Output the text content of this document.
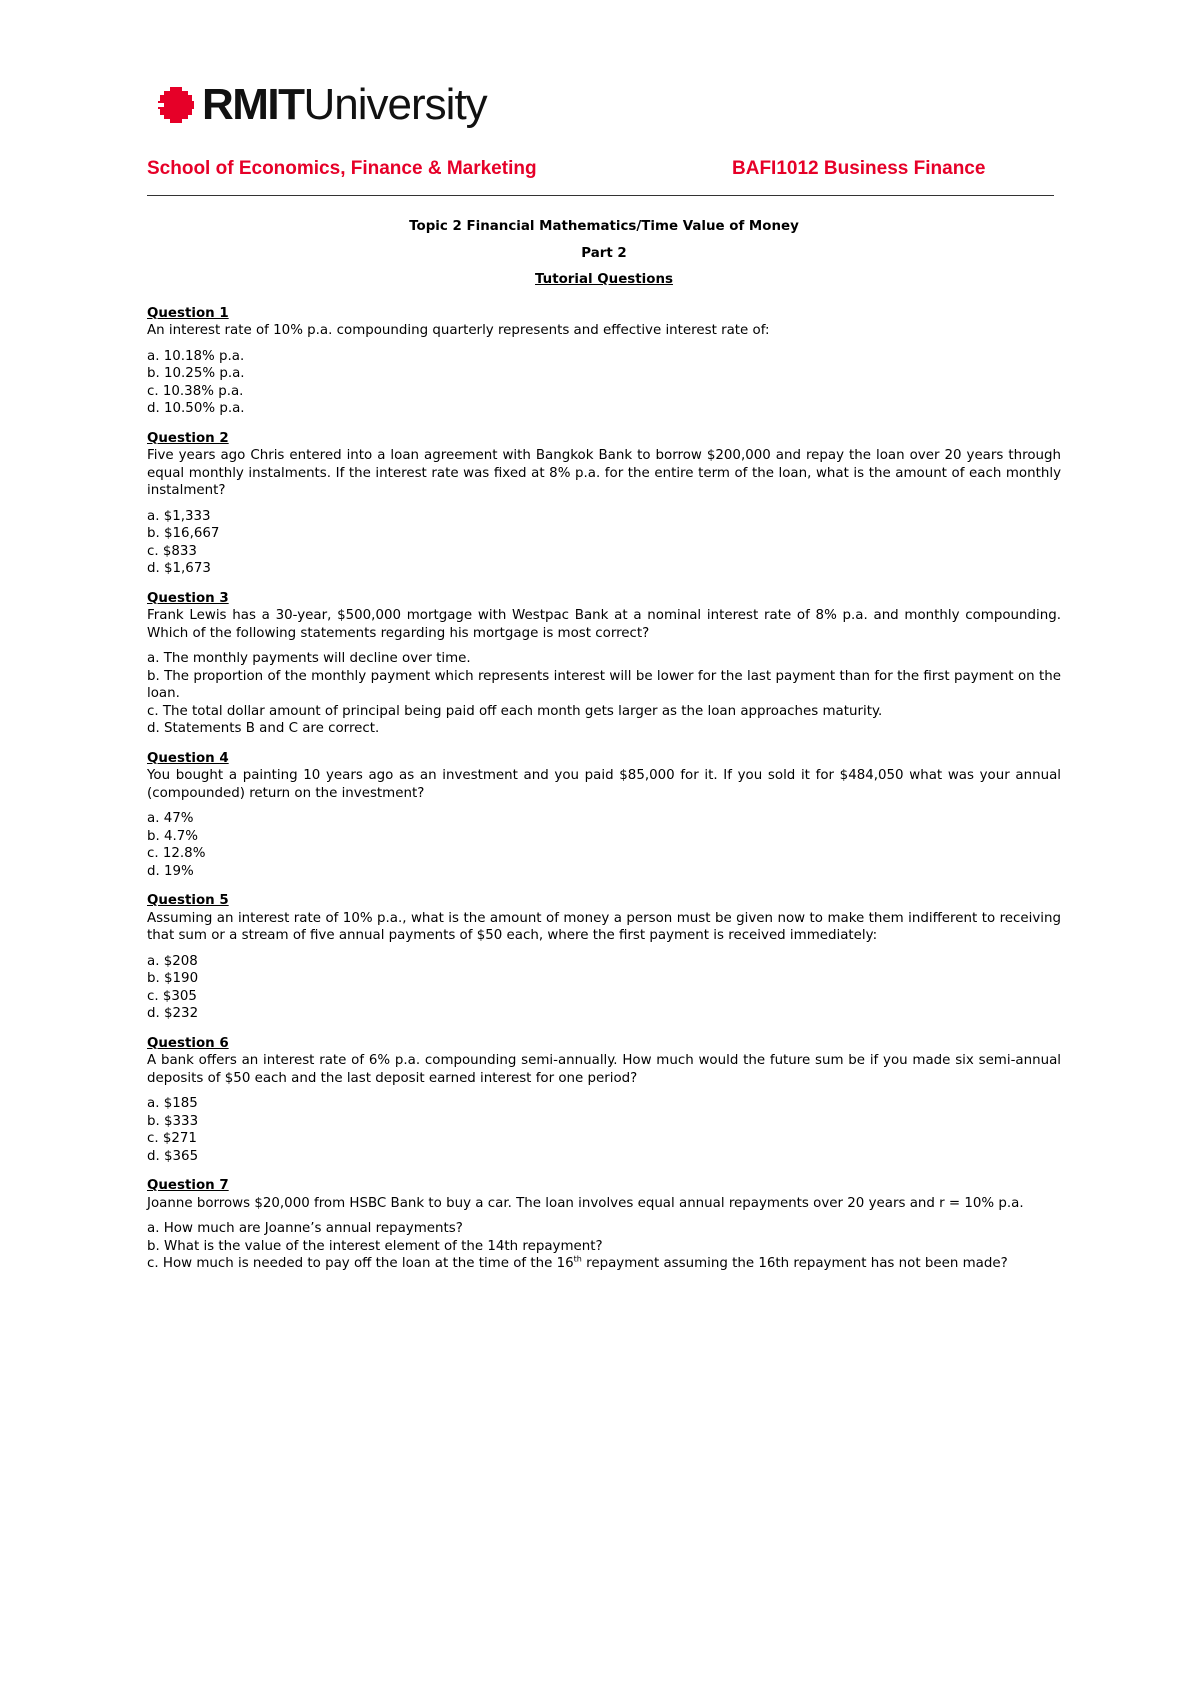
RMITUniversity
School of Economics, Finance & Marketing	BAFI1012 Business Finance

Topic 2 Financial Mathematics/Time Value of Money

Part 2

Tutorial Questions

Question 1

An interest rate of 10% p.a. compounding quarterly represents and effective interest rate of:

a. 10.18% p.a.
b. 10.25% p.a.
c. 10.38% p.a.
d. 10.50% p.a.

Question 2

Five years ago Chris entered into a loan agreement with Bangkok Bank to borrow $200,000 and repay the loan over 20 years through equal monthly instalments. If the interest rate was fixed at 8% p.a. for the entire term of the loan, what is the amount of each monthly instalment?

a. $1,333
b. $16,667
c. $833
d. $1,673

Question 3

Frank Lewis has a 30-year, $500,000 mortgage with Westpac Bank at a nominal interest rate of 8% p.a. and monthly compounding. Which of the following statements regarding his mortgage is most correct?

a. The monthly payments will decline over time.
b. The proportion of the monthly payment which represents interest will be lower for the last payment than for the first payment on the loan.
c. The total dollar amount of principal being paid off each month gets larger as the loan approaches maturity.
d. Statements B and C are correct.

Question 4

You bought a painting 10 years ago as an investment and you paid $85,000 for it. If you sold it for $484,050 what was your annual (compounded) return on the investment?

a. 47%
b. 4.7%
c. 12.8%
d. 19%

Question 5

Assuming an interest rate of 10% p.a., what is the amount of money a person must be given now to make them indifferent to receiving that sum or a stream of five annual payments of $50 each, where the first payment is received immediately:

a. $208
b. $190
c. $305
d. $232

Question 6

A bank offers an interest rate of 6% p.a. compounding semi-annually. How much would the future sum be if you made six semi-annual deposits of $50 each and the last deposit earned interest for one period?

a. $185
b. $333
c. $271
d. $365

Question 7

Joanne borrows $20,000 from HSBC Bank to buy a car. The loan involves equal annual repayments over 20 years and r = 10% p.a.

a. How much are Joanne’s annual repayments?
b. What is the value of the interest element of the 14th repayment?
c. How much is needed to pay off the loan at the time of the 16th repayment assuming the 16th repayment has not been made?
